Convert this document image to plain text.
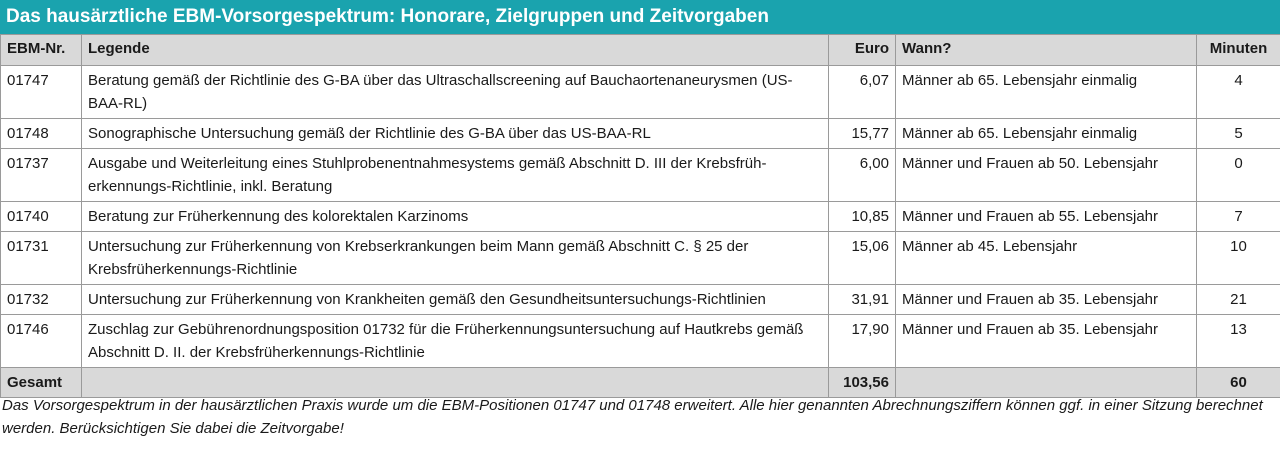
Das hausärztliche EBM-Vorsorgespektrum: Honorare, Zielgruppen und Zeitvorgaben
EBM-Nr.	Legende	Euro	Wann?	Minuten
01747	Beratung gemäß der Richtlinie des G-BA über das Ultraschallscreening auf Bauchaortenaneurysmen (US-BAA-RL)	6,07	Männer ab 65. Lebensjahr einmalig	4
01748	Sonographische Untersuchung gemäß der Richtlinie des G-BA über das US-BAA-RL	15,77	Männer ab 65. Lebensjahr einmalig	5
01737	Ausgabe und Weiterleitung eines Stuhlprobenentnahmesystems gemäß Abschnitt D. III der Krebsfrüherkennungs-Richtlinie, inkl. Beratung	6,00	Männer und Frauen ab 50. Lebensjahr	0
01740	Beratung zur Früherkennung des kolorektalen Karzinoms	10,85	Männer und Frauen ab 55. Lebensjahr	7
01731	Untersuchung zur Früherkennung von Krebserkrankungen beim Mann gemäß Abschnitt C. § 25 der Krebsfrüherkennungs-Richtlinie	15,06	Männer ab 45. Lebensjahr	10
01732	Untersuchung zur Früherkennung von Krankheiten gemäß den Gesundheitsuntersuchungs-Richtlinien	31,91	Männer und Frauen ab 35. Lebensjahr	21
01746	Zuschlag zur Gebührenordnungsposition 01732 für die Früherkennungsuntersuchung auf Hautkrebs gemäß Abschnitt D. II. der Krebsfrüherkennungs-Richtlinie	17,90	Männer und Frauen ab 35. Lebensjahr	13
Gesamt		103,56		60
Das Vorsorgespektrum in der hausärztlichen Praxis wurde um die EBM-Positionen 01747 und 01748 erweitert. Alle hier genannten Abrechnungsziffern können ggf. in einer Sitzung berechnet werden. Berücksichtigen Sie dabei die Zeitvorgabe!
